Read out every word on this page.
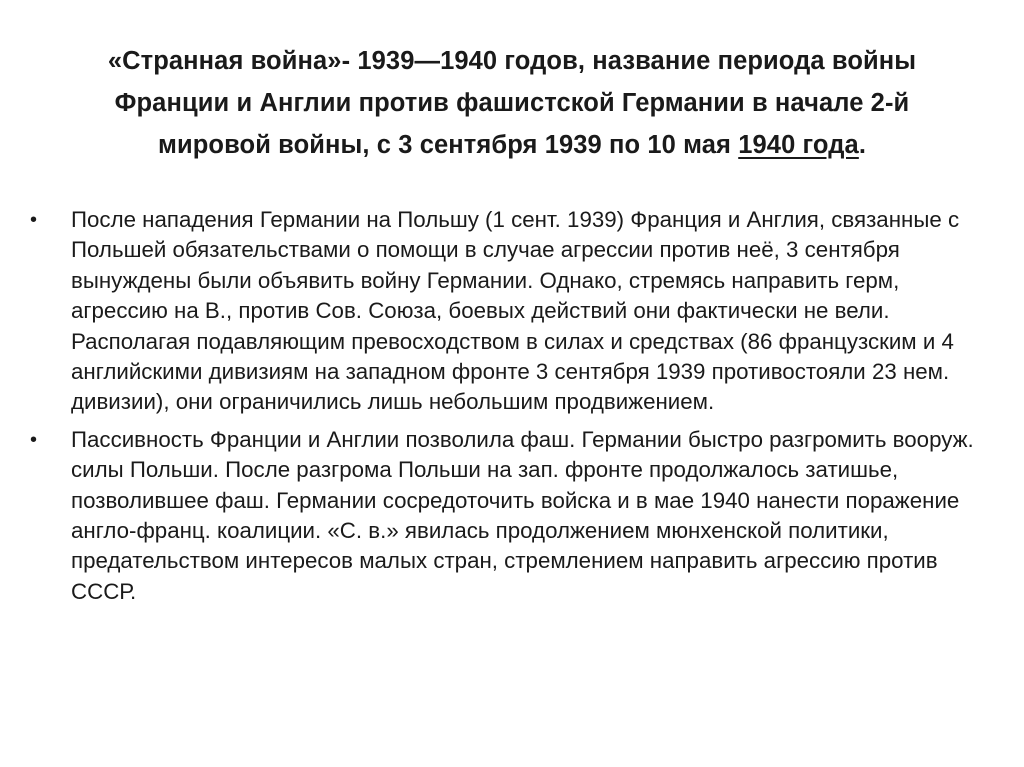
«Странная война»- 1939—1940 годов, название периода войны Франции и Англии против фашистской Германии в начале 2-й мировой войны, с 3 сентября 1939 по 10 мая 1940 года.
• После нападения Германии на Польшу (1 сент. 1939) Франция и Англия, связанные с Польшей обязательствами о помощи в случае агрессии против неё, 3 сентября вынуждены были объявить войну Германии. Однако, стремясь направить герм, агрессию на В., против Сов. Союза, боевых действий они фактически не вели. Располагая подавляющим превосходством в силах и средствах (86 французским и 4 английскими дивизиям на западном фронте 3 сентября 1939 противостояли 23 нем. дивизии), они ограничились лишь небольшим продвижением.
• Пассивность Франции и Англии позволила фаш. Германии быстро разгромить вооруж. силы Польши. После разгрома Польши на зап. фронте продолжалось затишье, позволившее фаш. Германии сосредоточить войска и в мае 1940 нанести поражение англо-франц. коалиции. «С. в.» явилась продолжением мюнхенской политики, предательством интересов малых стран, стремлением направить агрессию против СССР.
